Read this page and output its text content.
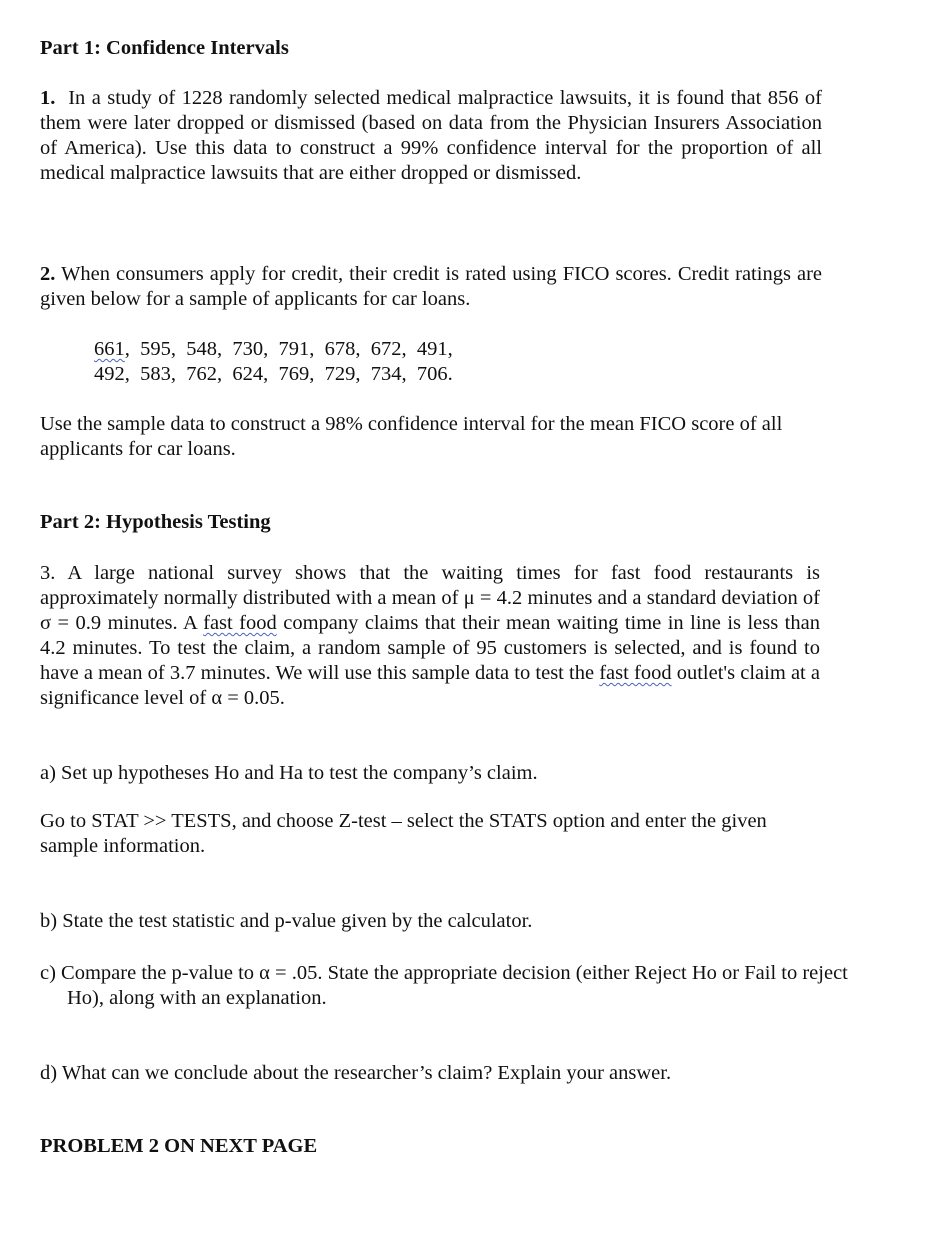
Part 1: Confidence Intervals

1. In a study of 1228 randomly selected medical malpractice lawsuits, it is found that 856 of them were later dropped or dismissed (based on data from the Physician Insurers Association of America). Use this data to construct a 99% confidence interval for the proportion of all medical malpractice lawsuits that are either dropped or dismissed.

2. When consumers apply for credit, their credit is rated using FICO scores. Credit ratings are given below for a sample of applicants for car loans.

661,  595,  548,  730,  791,  678,  672,  491,
492,  583,  762,  624,  769,  729,  734,  706.

Use the sample data to construct a 98% confidence interval for the mean FICO score of all applicants for car loans.

Part 2: Hypothesis Testing

3. A large national survey shows that the waiting times for fast food restaurants is approximately normally distributed with a mean of μ = 4.2 minutes and a standard deviation of σ = 0.9 minutes. A fast food company claims that their mean waiting time in line is less than 4.2 minutes. To test the claim, a random sample of 95 customers is selected, and is found to have a mean of 3.7 minutes. We will use this sample data to test the fast food outlet's claim at a significance level of α = 0.05.

a) Set up hypotheses Ho and Ha to test the company’s claim.

Go to STAT >> TESTS, and choose Z-test – select the STATS option and enter the given sample information.

b) State the test statistic and p-value given by the calculator.

c) Compare the p-value to α = .05. State the appropriate decision (either Reject Ho or Fail to reject Ho), along with an explanation.

d) What can we conclude about the researcher’s claim? Explain your answer.

PROBLEM 2 ON NEXT PAGE
